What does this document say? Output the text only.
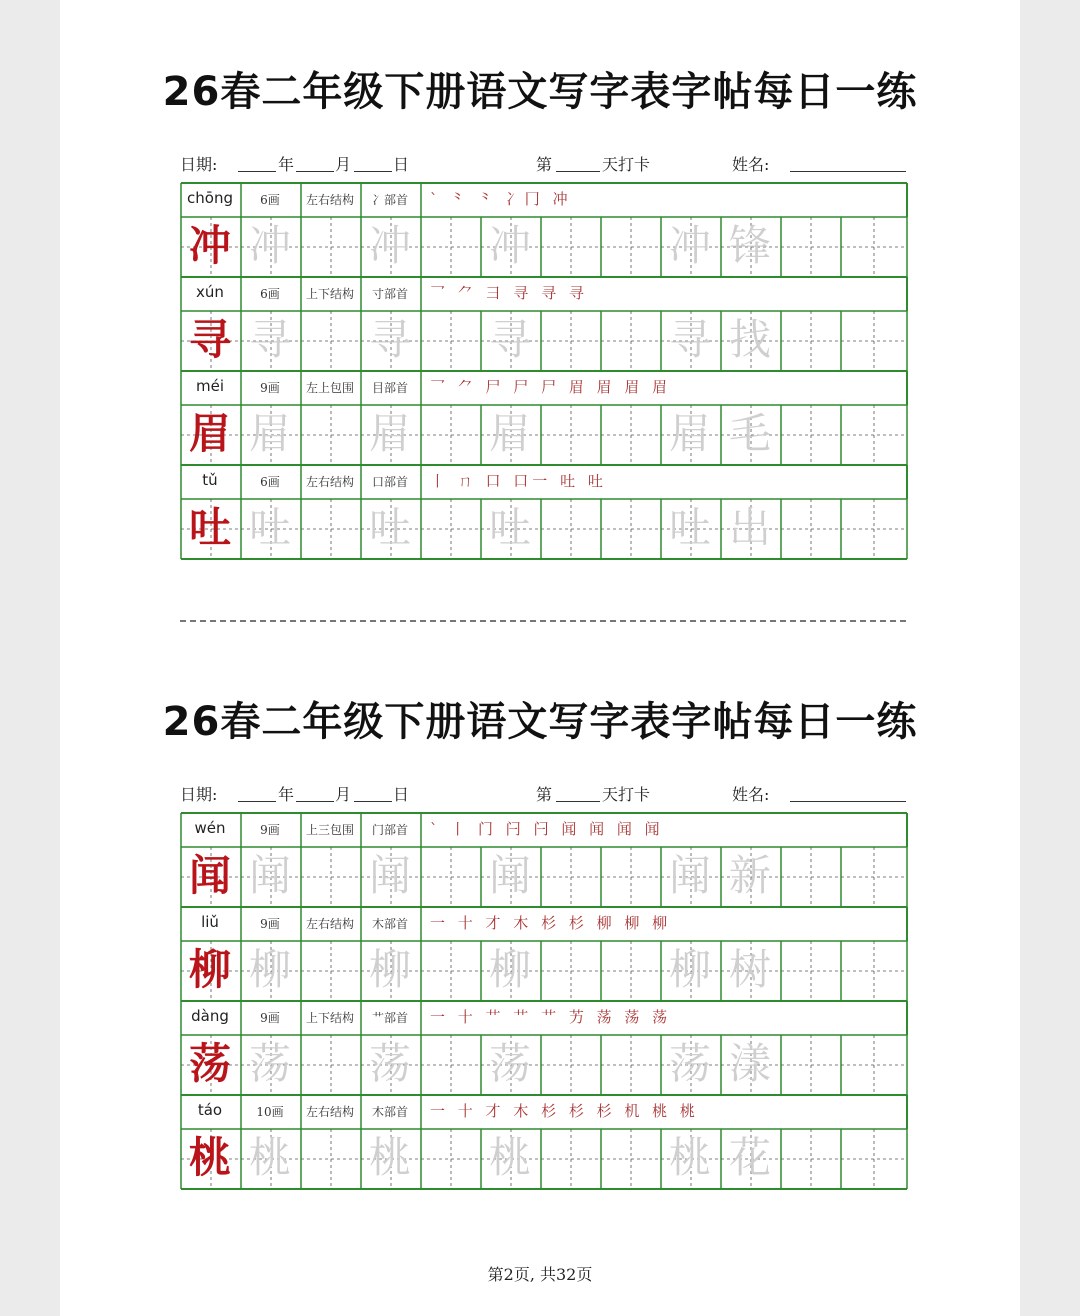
26春二年级下册语文写字表字帖每日一练
日期:	年	月	日	第	天打卡	姓名:
chōng	6画	左右结构	冫部首	` ⺀ ⺀ 冫冂 冲
冲 冲 冲 冲	冲 锋
xún	6画	上下结构	寸部首	乛 ⺈ 彐 寻 寻 寻
寻 寻 寻 寻	寻 找
méi	9画	左上包围	目部首	乛 ⺈ 尸 尸 尸 眉 眉 眉 眉
眉 眉 眉 眉	眉 毛
tǔ	6画	左右结构	口部首	丨 ㄇ 口 口一 吐 吐
吐 吐 吐 吐	吐 出
26春二年级下册语文写字表字帖每日一练
日期:	年	月	日	第	天打卡	姓名:
wén	9画	上三包围	门部首	` 丨 门 闩 闩 闻 闻 闻 闻
闻 闻 闻 闻	闻 新
liǔ	9画	左右结构	木部首	一 十 才 木 杉 杉 柳 柳 柳
柳 柳 柳 柳	柳 树
dàng	9画	上下结构	艹部首	一 十 艹 艹 艹 艻 荡 荡 荡
荡 荡 荡 荡	荡 漾
táo	10画	左右结构	木部首	一 十 才 木 杉 杉 杉 机 桃 桃
桃 桃 桃 桃	桃 花
第2页, 共32页
